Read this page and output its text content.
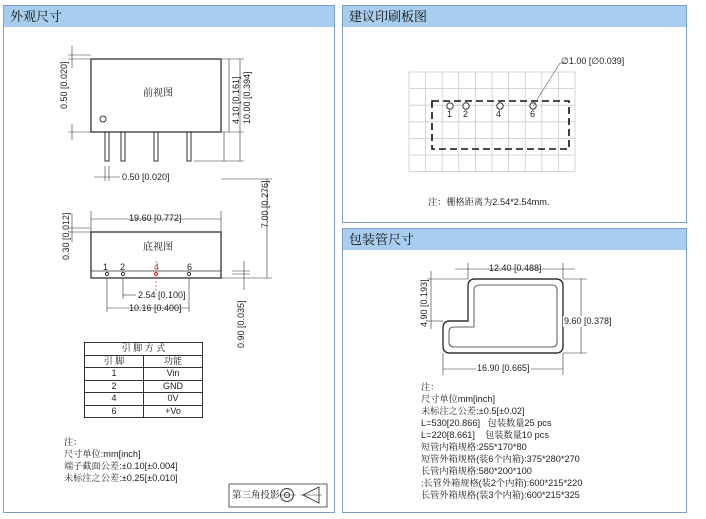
外观尺寸
前视图
0.50 [0.020]	4.10 [0.161] 10.00 [0.394]
0.50 [0.020]
19.60 [0.772]
底视图
0.30 [0.012]
7.00 [0.276]
0.90 [0.035]
1 2	4	6
2.54 [0.100]
10.16 [0.400]
引 脚 方 式	
引 脚	功能
1	Vin
2	GND
4	0V
6	+Vo
注：
尺寸单位:mm[inch]
端子截面公差:±0.10[±0.004]
未标注之公差:±0.25[±0.010]
第三角投影
建议印刷板图
∅1.00 [∅0.039]
1 2	4	6
注：栅格距离为2.54*2.54mm.
包装管尺寸
12.40 [0.488]
4.90 [0.193]	9.60 [0.378]
16.90 [0.665]
注：
尺寸单位mm[inch]
未标注之公差:±0.5[±0.02]
L=530[20.866]   包装数量25 pcs
L=220[8.661]    包装数量10 pcs
短管内箱规格:255*170*80
短管外箱规格(装6个内箱):375*280*270
长管内箱规格:580*200*100
;长管外箱规格(装2个内箱):600*215*220
长管外箱规格(装3个内箱):600*215*325
